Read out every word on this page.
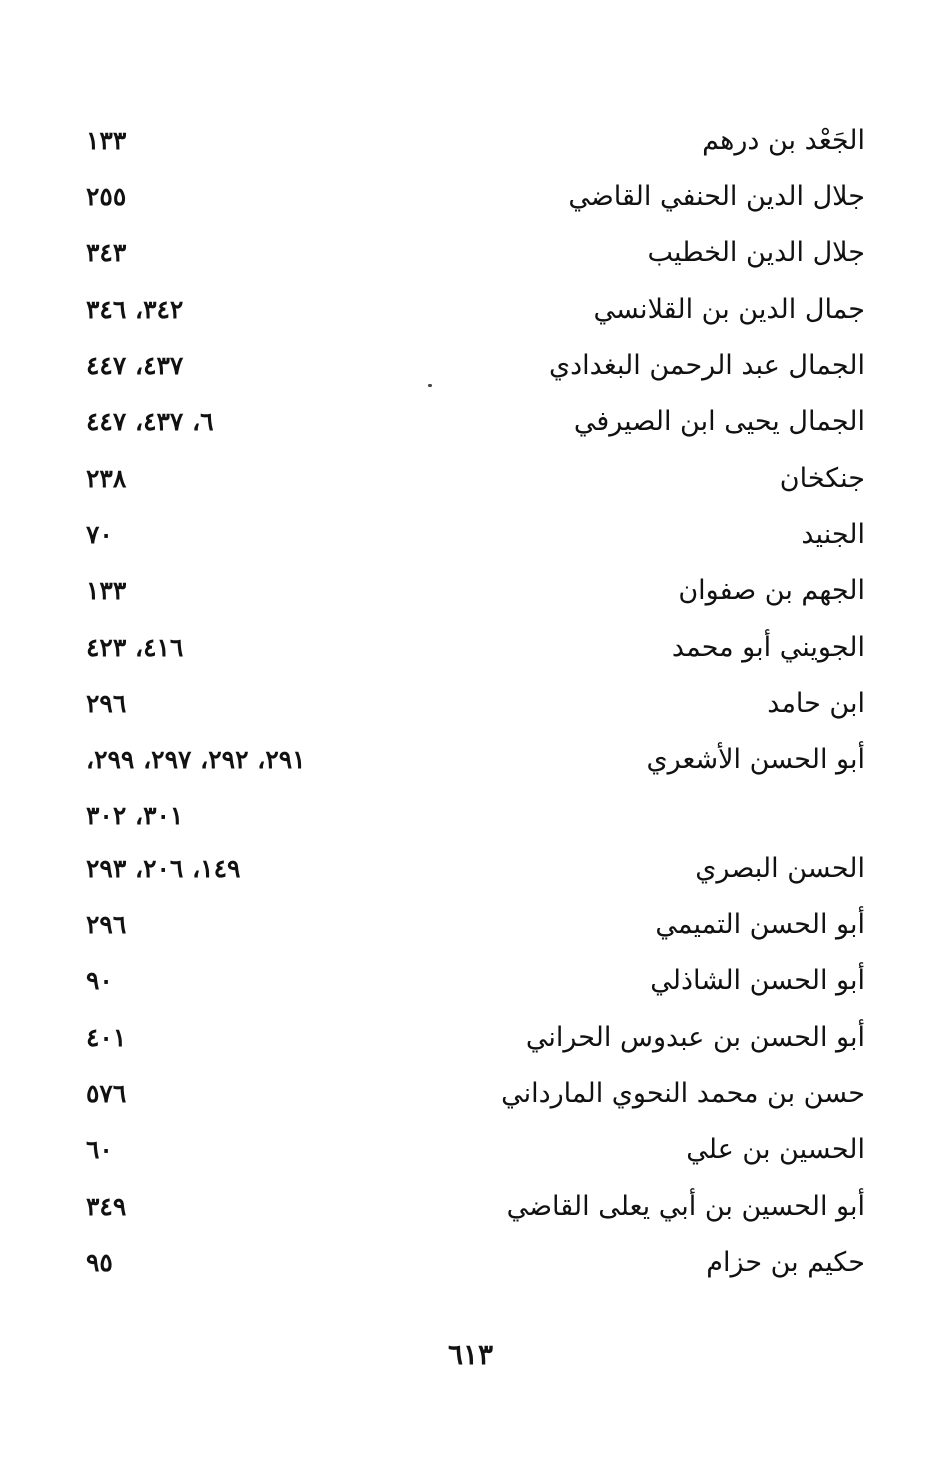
الجَعْد بن درهم
١٣٣
جلال الدين الحنفي القاضي
٢٥٥
جلال الدين الخطيب
٣٤٣
جمال الدين بن القلانسي
٣٤٢، ٣٤٦
الجمال عبد الرحمن البغدادي
٤٣٧، ٤٤٧
الجمال يحيى ابن الصيرفي
٦، ٤٣٧، ٤٤٧
جنكخان
٢٣٨
الجنيد
٧٠
الجهم بن صفوان
١٣٣
الجويني أبو محمد
٤١٦، ٤٢٣
ابن حامد
٢٩٦
أبو الحسن الأشعري
٢٩١، ٢٩٢، ٢٩٧، ٢٩٩،
٣٠١، ٣٠٢
الحسن البصري
١٤٩، ٢٠٦، ٢٩٣
أبو الحسن التميمي
٢٩٦
أبو الحسن الشاذلي
٩٠
أبو الحسن بن عبدوس الحراني
٤٠١
حسن بن محمد النحوي المارداني
٥٧٦
الحسين بن علي
٦٠
أبو الحسين بن أبي يعلى القاضي
٣٤٩
حكيم بن حزام
٩٥
٦١٣
